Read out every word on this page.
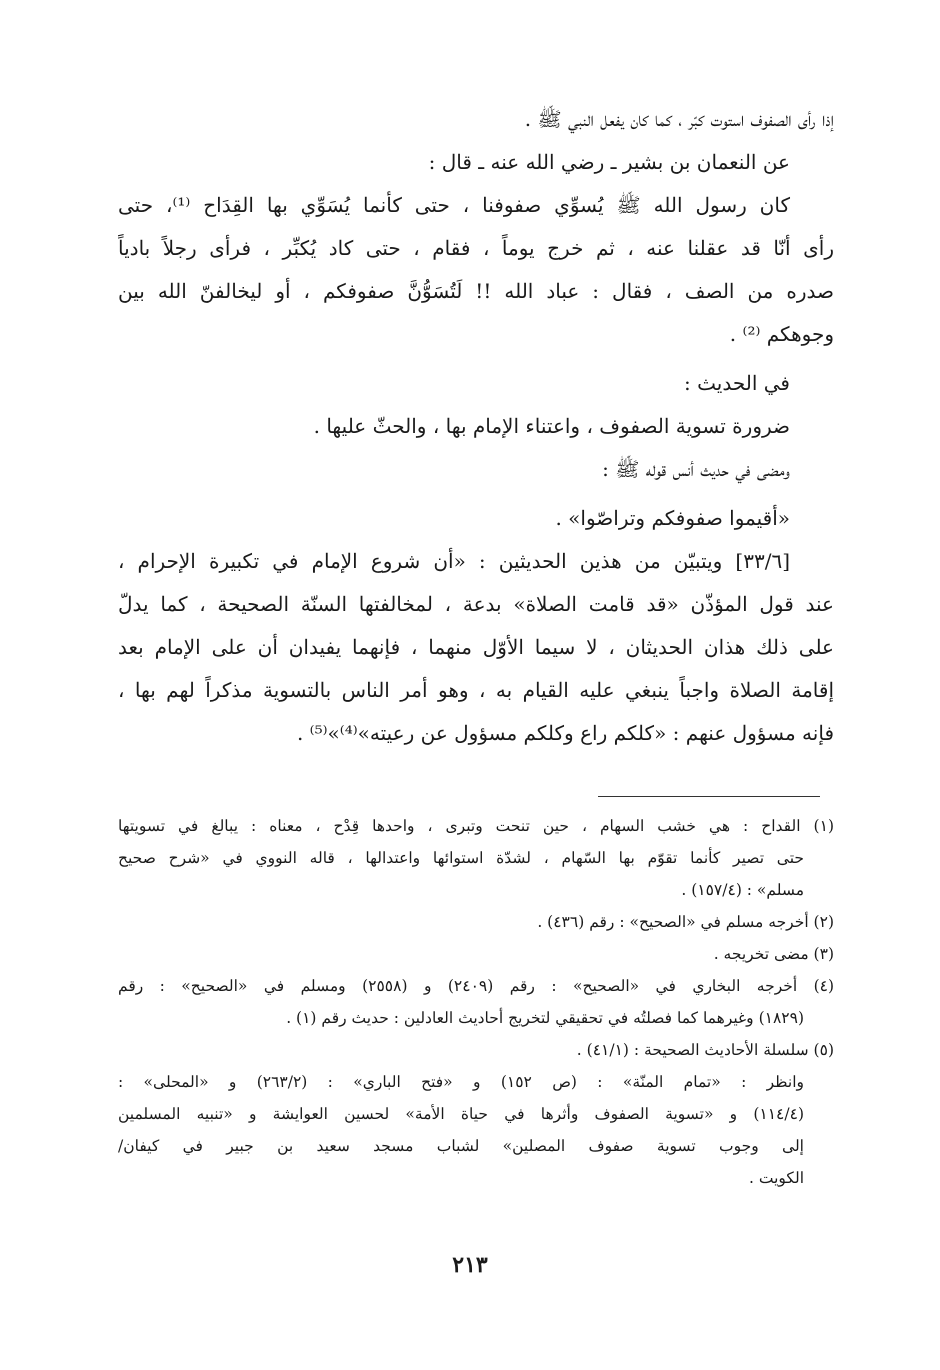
إذا رأى الصفوف استوت كبّر ، كما كان يفعل النبي ﷺ .
عن النعمان بن بشير ـ رضي الله عنه ـ قال :
كان رسول الله ﷺ يُسوِّي صفوفنا ، حتى كأنما يُسَوِّي بها القِدَاح ⁽¹⁾، حتى
رأى أنّا قد عقلنا عنه ، ثم خرج يوماً ، فقام ، حتى كاد يُكبِّر ، فرأى رجلاً بادياً
صدره من الصف ، فقال : عباد الله !! لَتُسَوُّنَّ صفوفكم ، أو ليخالفنّ الله بين
وجوهكم ⁽²⁾ .
في الحديث :
ضرورة تسوية الصفوف ، واعتناء الإمام بها ، والحثّ عليها .
ومضى في حديث أنس قوله ﷺ :
«أقيموا صفوفكم وتراصّوا» .
[٣٣/٦] ويتبيّن من هذين الحديثين : «أن شروع الإمام في تكبيرة الإحرام ،
عند قول المؤذّن «قد قامت الصلاة» بدعة ، لمخالفتها السنّة الصحيحة ، كما يدلّ
على ذلك هذان الحديثان ، لا سيما الأوّل منهما ، فإنهما يفيدان أن على الإمام بعد
إقامة الصلاة واجباً ينبغي عليه القيام به ، وهو أمر الناس بالتسوية مذكراً لهم بها ،
فإنه مسؤول عنهم : «كلكم راع وكلكم مسؤول عن رعيته»⁽⁴⁾»⁽⁵⁾ .
(١) القداح : هي خشب السهام ، حين تنحت وتبرى ، واحدها قِدْح ، معناه : يبالغ في تسويتها
حتى تصير كأنما تقوّم بها السّهام ، لشدّة استوائها واعتدالها ، قاله النووي في «شرح صحيح
مسلم» : (١٥٧/٤) .
(٢) أخرجه مسلم في «الصحيح» : رقم (٤٣٦) .
(٣) مضى تخريجه .
(٤) أخرجه البخاري في «الصحيح» : رقم (٢٤٠٩) و (٢٥٥٨) ومسلم في «الصحيح» : رقم
(١٨٢٩) وغيرهما كما فصلتُه في تحقيقي لتخريج أحاديث العادلين : حديث رقم (١) .
(٥) سلسلة الأحاديث الصحيحة : (٤١/١) .
وانظر : «تمام المنّة» : (ص ١٥٢) و «فتح الباري» : (٢٦٣/٢) و «المحلى» :
(١١٤/٤) و «تسوية الصفوف وأثرها في حياة الأمة» لحسين العوايشة و «تنبيه المسلمين
إلى وجوب تسوية صفوف المصلين» لشباب مسجد سعيد بن جبير في كيفان/
الكويت .
٢١٣
